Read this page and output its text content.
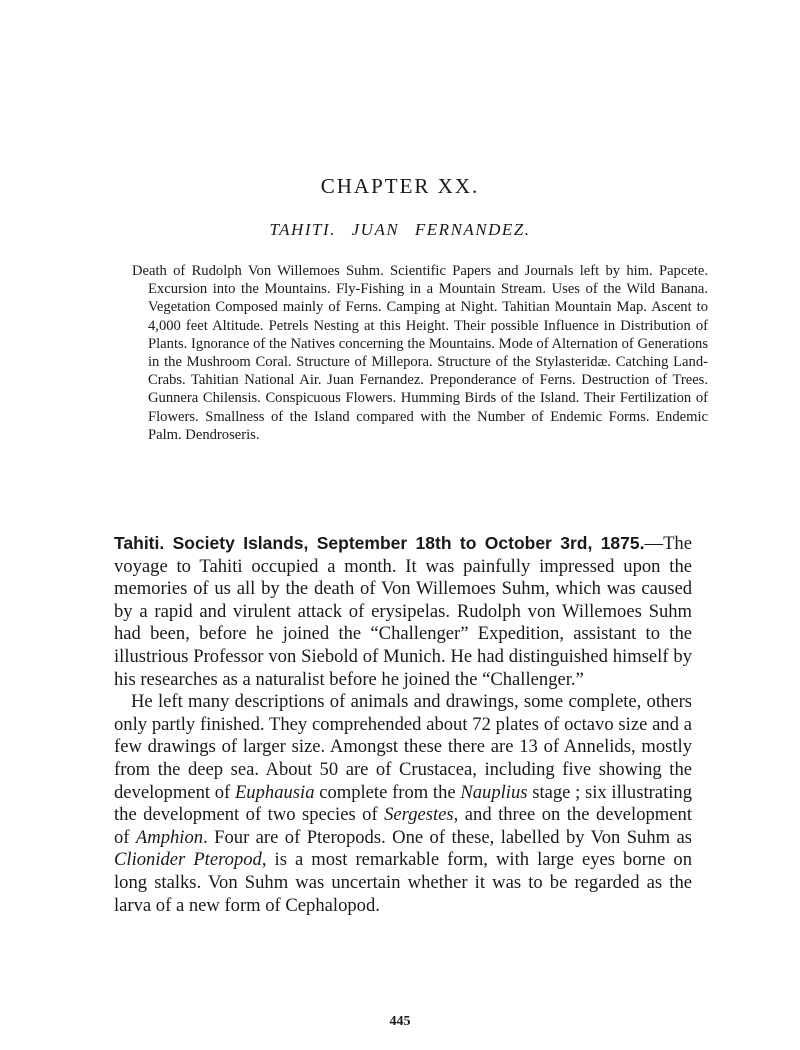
CHAPTER XX.
TAHITI. JUAN FERNANDEZ.
Death of Rudolph Von Willemoes Suhm. Scientific Papers and Journals left by him. Papcete. Excursion into the Mountains. Fly-Fishing in a Mountain Stream. Uses of the Wild Banana. Vegetation Composed mainly of Ferns. Camping at Night. Tahitian Mountain Map. Ascent to 4,000 feet Altitude. Petrels Nesting at this Height. Their possible Influence in Distribution of Plants. Ignorance of the Natives concerning the Mountains. Mode of Alternation of Generations in the Mushroom Coral. Structure of Millepora. Structure of the Stylasteridæ. Catching Land-Crabs. Tahitian National Air. Juan Fernandez. Preponderance of Ferns. Destruction of Trees. Gunnera Chilensis. Conspicuous Flowers. Humming Birds of the Island. Their Fertilization of Flowers. Smallness of the Island compared with the Number of Endemic Forms. Endemic Palm. Dendroseris.

Tahiti. Society Islands, September 18th to October 3rd, 1875.—The voyage to Tahiti occupied a month. It was painfully impressed upon the memories of us all by the death of Von Willemoes Suhm, which was caused by a rapid and virulent attack of erysipelas. Rudolph von Willemoes Suhm had been, before he joined the “Challenger” Expedition, assistant to the illustrious Professor von Siebold of Munich. He had distinguished himself by his researches as a naturalist before he joined the “Challenger.”

He left many descriptions of animals and drawings, some complete, others only partly finished. They comprehended about 72 plates of octavo size and a few drawings of larger size. Amongst these there are 13 of Annelids, mostly from the deep sea. About 50 are of Crustacea, including five showing the development of Euphausia complete from the Nauplius stage ; six illustrating the development of two species of Sergestes, and three on the development of Amphion. Four are of Pteropods. One of these, labelled by Von Suhm as Clionider Pteropod, is a most remarkable form, with large eyes borne on long stalks. Von Suhm was uncertain whether it was to be regarded as the larva of a new form of Cephalopod.

445
